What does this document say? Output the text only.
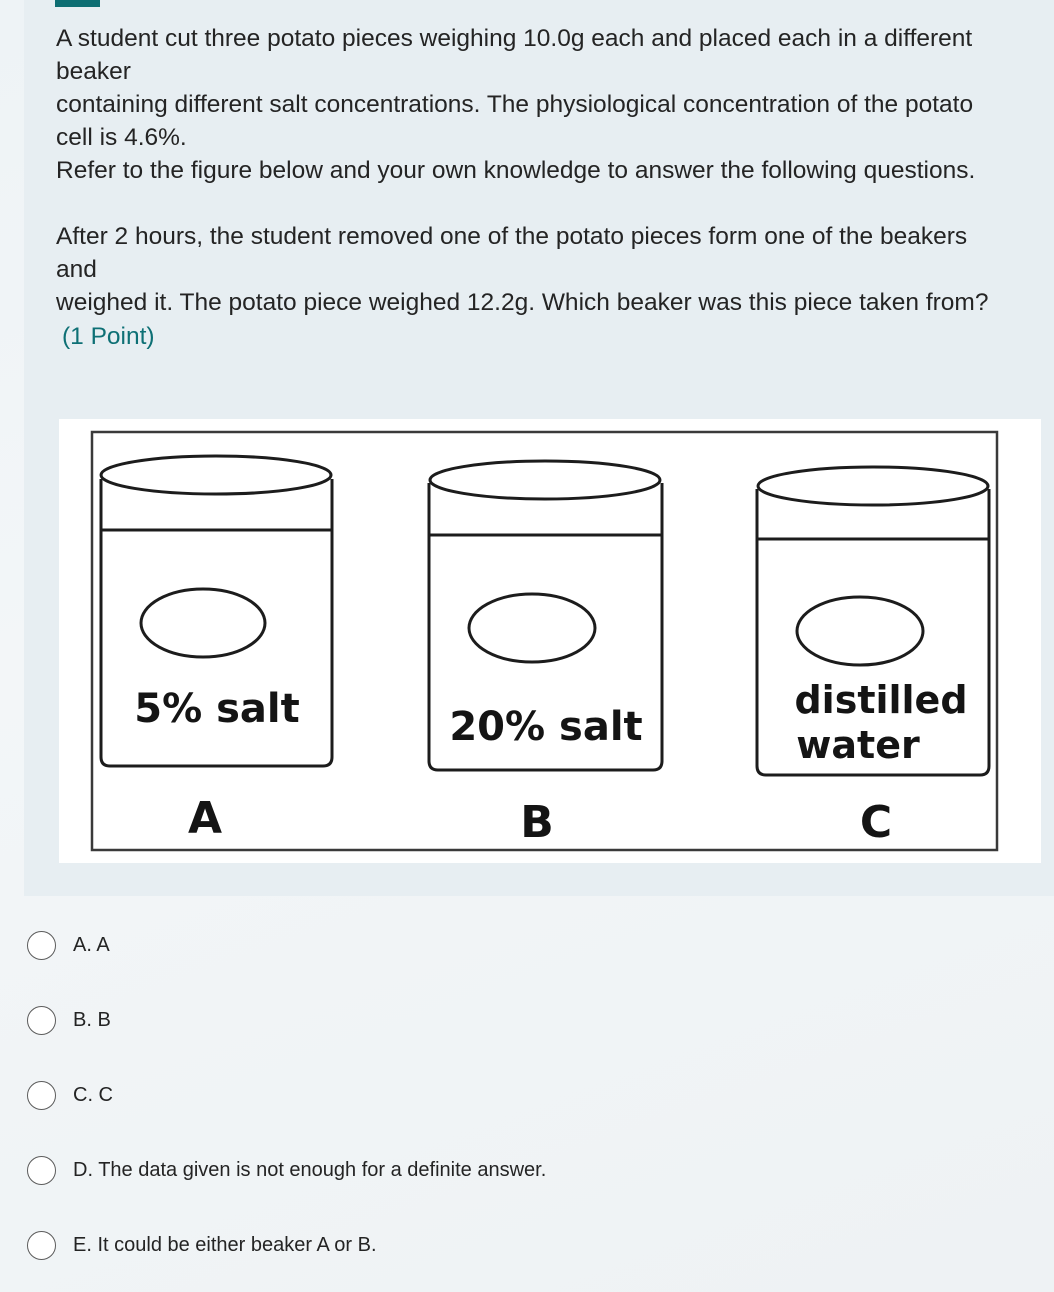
A student cut three potato pieces weighing 10.0g each and placed each in a different

beaker

containing different salt concentrations. The physiological concentration of the potato

cell is 4.6%.

Refer to the figure below and your own knowledge to answer the following questions.

After 2 hours, the student removed one of the potato pieces form one of the beakers

and

weighed it. The potato piece weighed 12.2g. Which beaker was this piece taken from?

(1 Point)
5% salt
A
20% salt
B
distilled
water
C
A. A
B. B
C. C
D. The data given is not enough for a definite answer.
E. It could be either beaker A or B.
